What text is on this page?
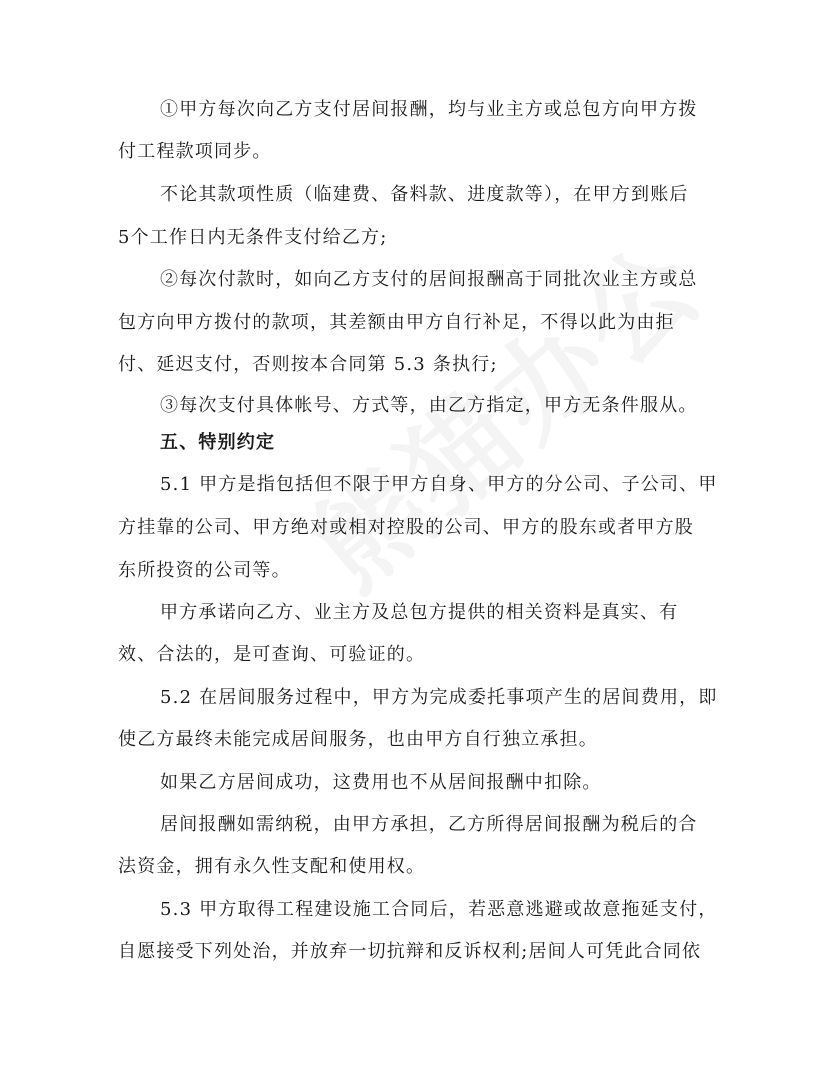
①甲方每次向乙方支付居间报酬，均与业主方或总包方向甲方拨
付工程款项同步。
不论其款项性质（临建费、备料款、进度款等），在甲方到账后
5个工作日内无条件支付给乙方;
②每次付款时，如向乙方支付的居间报酬高于同批次业主方或总
包方向甲方拨付的款项，其差额由甲方自行补足，不得以此为由拒
付、延迟支付，否则按本合同第 5.3 条执行;
③每次支付具体帐号、方式等，由乙方指定，甲方无条件服从。
五、特别约定
5.1 甲方是指包括但不限于甲方自身、甲方的分公司、子公司、甲
方挂靠的公司、甲方绝对或相对控股的公司、甲方的股东或者甲方股
东所投资的公司等。
甲方承诺向乙方、业主方及总包方提供的相关资料是真实、有
效、合法的，是可查询、可验证的。
5.2 在居间服务过程中，甲方为完成委托事项产生的居间费用，即
使乙方最终未能完成居间服务，也由甲方自行独立承担。
如果乙方居间成功，这费用也不从居间报酬中扣除。
居间报酬如需纳税，由甲方承担，乙方所得居间报酬为税后的合
法资金，拥有永久性支配和使用权。
5.3 甲方取得工程建设施工合同后，若恶意逃避或故意拖延支付，
自愿接受下列处治，并放弃一切抗辩和反诉权利;居间人可凭此合同依
